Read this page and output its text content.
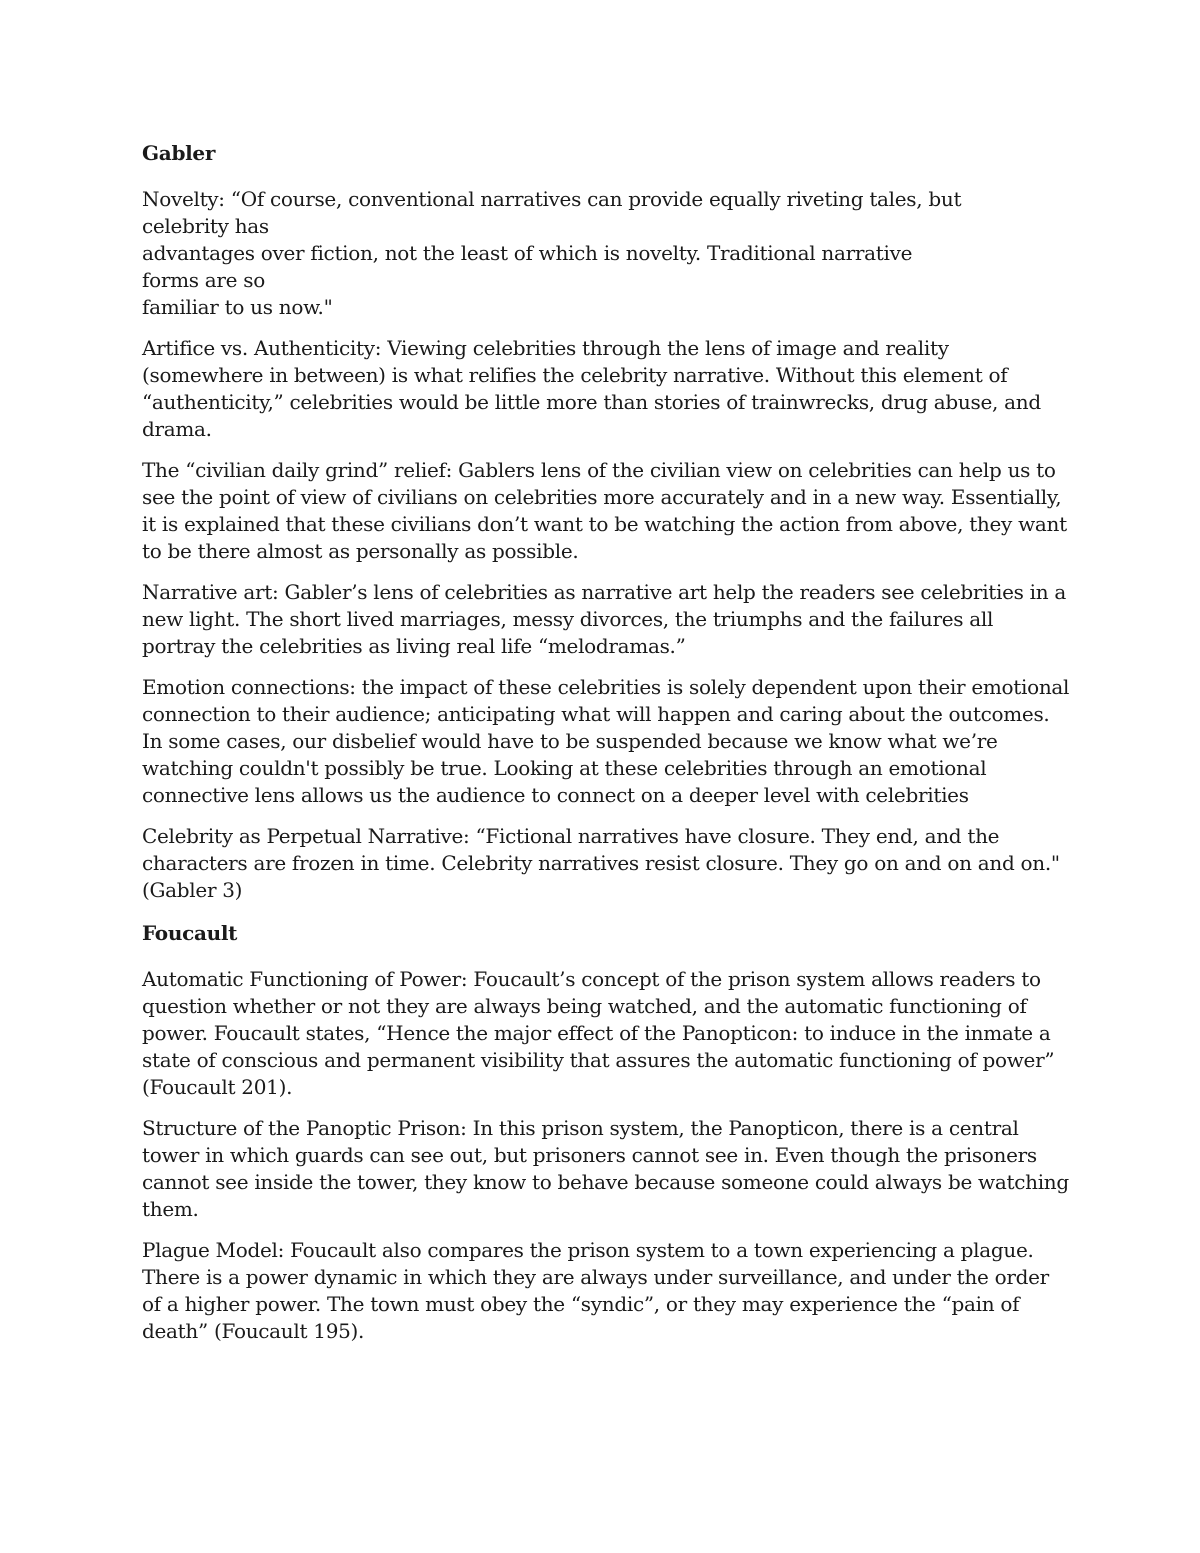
Gabler
Novelty: “Of course, conventional narratives can provide equally riveting tales, but
celebrity has
advantages over fiction, not the least of which is novelty. Traditional narrative
forms are so
familiar to us now."
Artifice vs. Authenticity: Viewing celebrities through the lens of image and reality (somewhere in between) is what relifies the celebrity narrative. Without this element of “authenticity,” celebrities would be little more than stories of trainwrecks, drug abuse, and drama.
The “civilian daily grind” relief: Gablers lens of the civilian view on celebrities can help us to see the point of view of civilians on celebrities more accurately and in a new way. Essentially, it is explained that these civilians don’t want to be watching the action from above, they want to be there almost as personally as possible.
Narrative art: Gabler’s lens of celebrities as narrative art help the readers see celebrities in a new light. The short lived marriages, messy divorces, the triumphs and the failures all portray the celebrities as living real life “melodramas.”
Emotion connections: the impact of these celebrities is solely dependent upon their emotional connection to their audience; anticipating what will happen and caring about the outcomes. In some cases, our disbelief would have to be suspended because we know what we’re watching couldn't possibly be true. Looking at these celebrities through an emotional connective lens allows us the audience to connect on a deeper level with celebrities
Celebrity as Perpetual Narrative: “Fictional narratives have closure. They end, and the characters are frozen in time. Celebrity narratives resist closure. They go on and on and on." (Gabler 3)
Foucault
Automatic Functioning of Power: Foucault’s concept of the prison system allows readers to question whether or not they are always being watched, and the automatic functioning of power. Foucault states, “Hence the major effect of the Panopticon: to induce in the inmate a state of conscious and permanent visibility that assures the automatic functioning of power” (Foucault 201).
Structure of the Panoptic Prison: In this prison system, the Panopticon, there is a central tower in which guards can see out, but prisoners cannot see in. Even though the prisoners cannot see inside the tower, they know to behave because someone could always be watching them.
Plague Model: Foucault also compares the prison system to a town experiencing a plague. There is a power dynamic in which they are always under surveillance, and under the order of a higher power. The town must obey the “syndic”, or they may experience the “pain of death” (Foucault 195).
